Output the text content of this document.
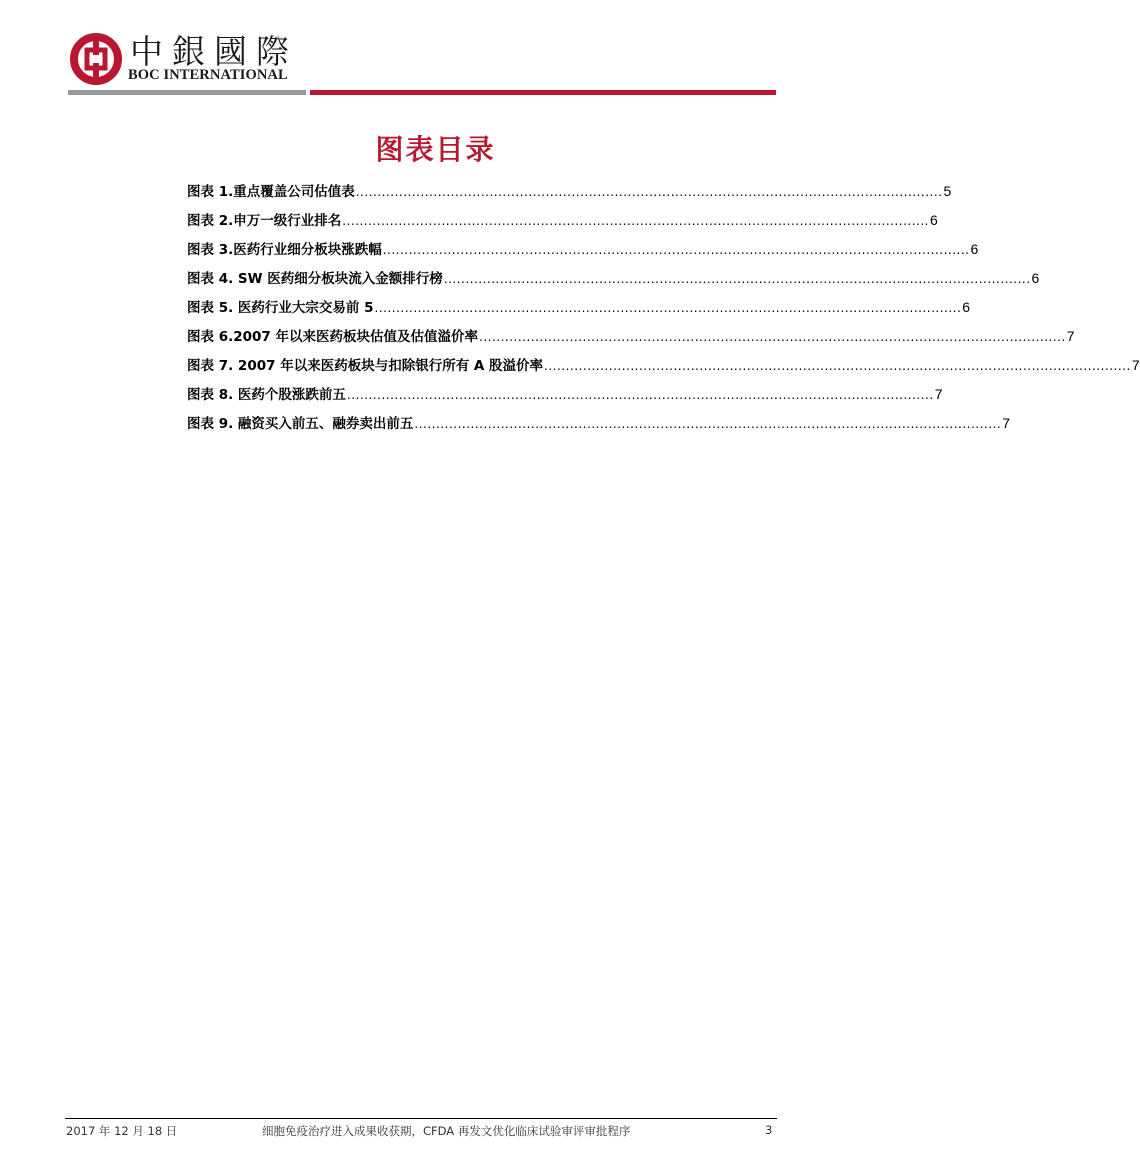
中銀國際
BOC INTERNATIONAL
图表目录
图表 1.重点覆盖公司估值表 ........................................................................................................................................ 5
图表 2.申万一级行业排名 ........................................................................................................................................ 6
图表 3.医药行业细分板块涨跌幅 ........................................................................................................................................ 6
图表 4. SW 医药细分板块流入金额排行榜 ........................................................................................................................................ 6
图表 5. 医药行业大宗交易前 5 ........................................................................................................................................ 6
图表 6.2007 年以来医药板块估值及估值溢价率 ........................................................................................................................................ 7
图表 7. 2007 年以来医药板块与扣除银行所有 A 股溢价率 ........................................................................................................................................ 7
图表 8. 医药个股涨跌前五 ........................................................................................................................................ 7
图表 9. 融资买入前五、融券卖出前五 ........................................................................................................................................ 7
2017 年 12 月 18 日	细胞免疫治疗进入成果收获期，CFDA 再发文优化临床试验审评审批程序	3
